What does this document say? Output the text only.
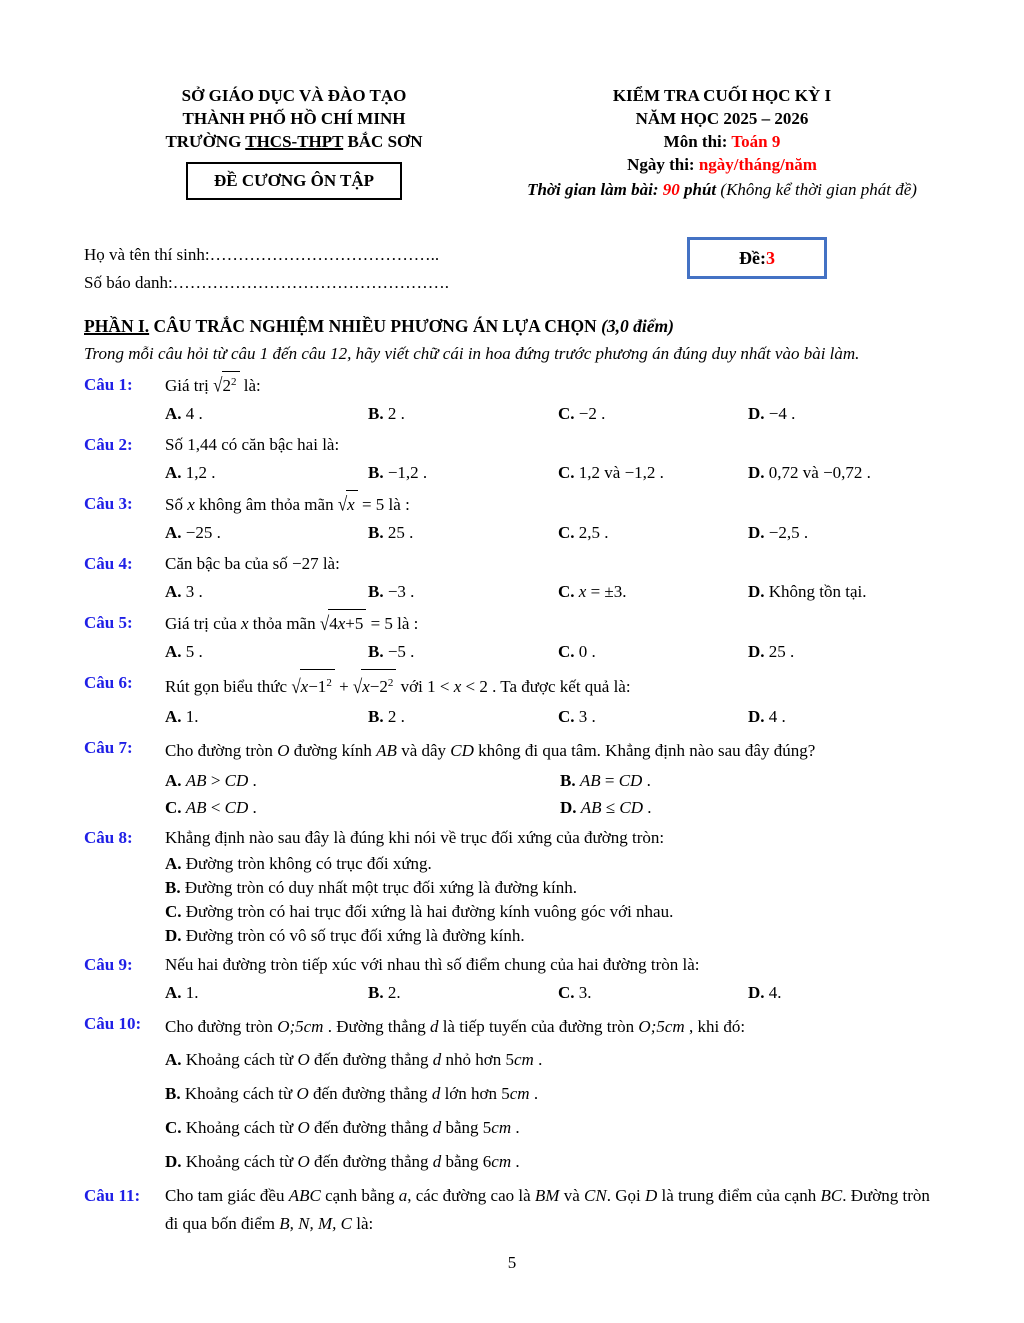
SỞ GIÁO DỤC VÀ ĐÀO TẠO
THÀNH PHỐ HỒ CHÍ MINH
TRƯỜNG THCS-THPT BẮC SƠN
ĐỀ CƯƠNG ÔN TẬP
KIỂM TRA CUỐI HỌC KỲ I
NĂM HỌC 2025 – 2026
Môn thi: Toán 9
Ngày thi: ngày/tháng/năm
Thời gian làm bài: 90 phút (Không kể thời gian phát đề)
Họ và tên thí sinh:…………………………………..
Số báo danh:………………………………………….
Đề: 3
PHẦN I. CÂU TRẮC NGHIỆM NHIỀU PHƯƠNG ÁN LỰA CHỌN (3,0 điểm)
Trong mỗi câu hỏi từ câu 1 đến câu 12, hãy viết chữ cái in hoa đứng trước phương án đúng duy nhất vào bài làm.
Câu 1:	Giá trị $√2^2$ là:
A. 4 .	B. 2 .	C. −2 .	D. −4 .
Câu 2:	Số 1,44 có căn bậc hai là:
A. 1,2 .	B. −1,2 .	C. 1,2 và −1,2 .	D. 0,72 và −0,72 .
Câu 3:	Số x không âm thỏa mãn √x = 5 là :
A. −25 .	B. 25 .	C. 2,5 .	D. −2,5 .
Câu 4:	Căn bậc ba của số −27 là:
A. 3 .	B. −3 .	C. x = ±3.	D. Không tồn tại.
Câu 5:	Giá trị của x thỏa mãn √4x+5 = 5 là :
A. 5 .	B. −5 .	C. 0 .	D. 25 .
Câu 6:	Rút gọn biểu thức $√x-1^2 + √x-2^2$ với 1 < x < 2 . Ta được kết quả là:
A. 1.	B. 2 .	C. 3 .	D. 4 .
Câu 7:	Cho đường tròn O đường kính AB và dây CD không đi qua tâm. Khẳng định nào sau đây đúng?
A. AB > CD .	B. AB = CD .
C. AB < CD .	D. AB ≤ CD .
Câu 8:	Khẳng định nào sau đây là đúng khi nói về trục đối xứng của đường tròn:
A. Đường tròn không có trục đối xứng.
B. Đường tròn có duy nhất một trục đối xứng là đường kính.
C. Đường tròn có hai trục đối xứng là hai đường kính vuông góc với nhau.
D. Đường tròn có vô số trục đối xứng là đường kính.
Câu 9:	Nếu hai đường tròn tiếp xúc với nhau thì số điểm chung của hai đường tròn là:
A. 1.	B. 2.	C. 3.	D. 4.
Câu 10:	Cho đường tròn O;5cm . Đường thẳng d là tiếp tuyến của đường tròn O;5cm , khi đó:
A. Khoảng cách từ O đến đường thẳng d nhỏ hơn 5cm .
B. Khoảng cách từ O đến đường thẳng d lớn hơn 5cm .
C. Khoảng cách từ O đến đường thẳng d bằng 5cm .
D. Khoảng cách từ O đến đường thẳng d bằng 6cm .
Câu 11:	Cho tam giác đều ABC cạnh bằng a, các đường cao là BM và CN. Gọi D là trung điểm của cạnh BC. Đường tròn đi qua bốn điểm B, N, M, C là:
5
